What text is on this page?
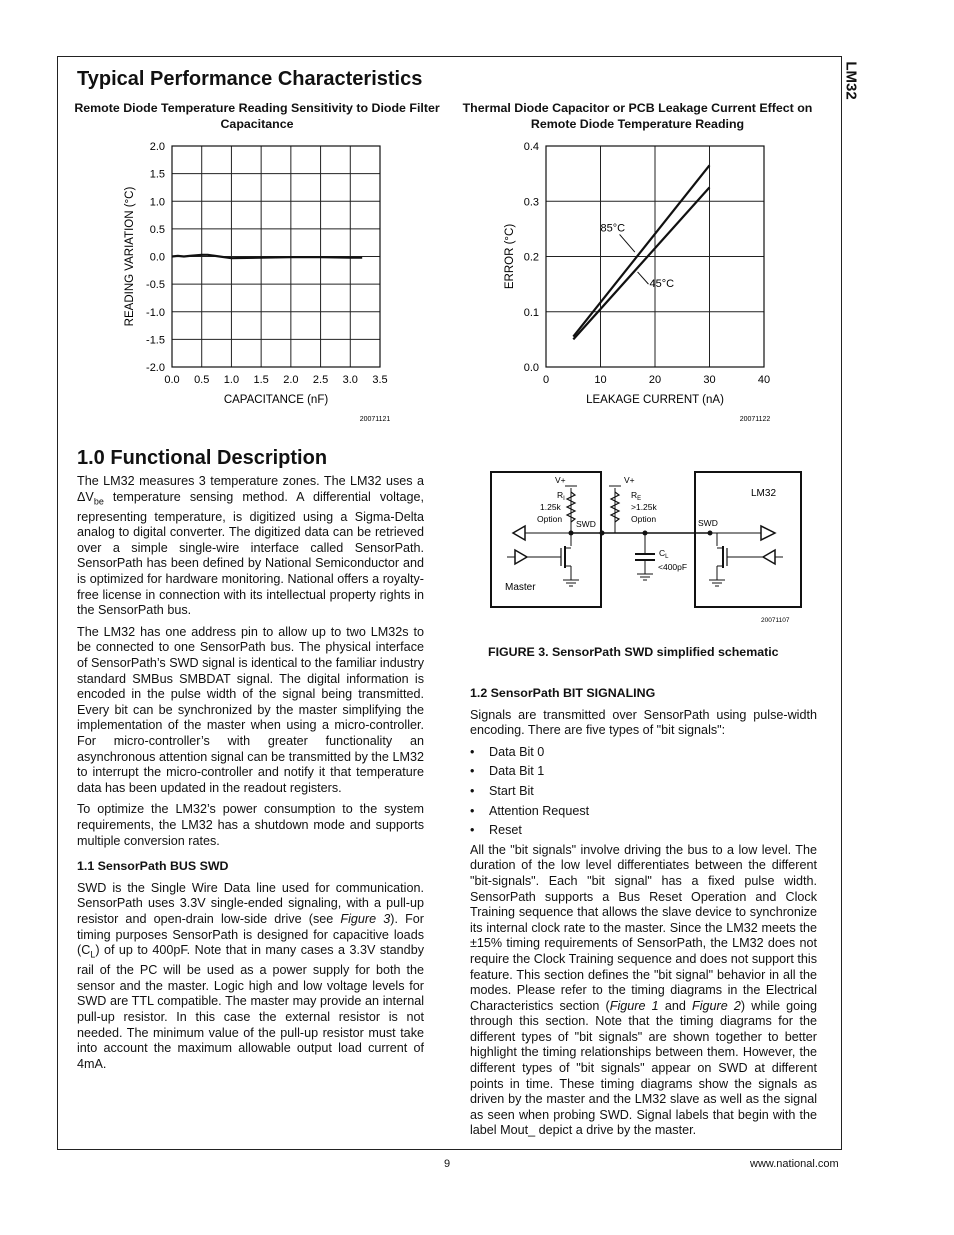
LM32
Typical Performance Characteristics
Remote Diode Temperature Reading Sensitivity to Diode Filter Capacitance
0.0 0.5 1.0 1.5 2.0 2.5 3.0 3.5
2.0
1.5
1.0
0.5
0.0
-0.5
-1.0
-1.5
-2.0
CAPACITANCE (nF)
READING VARIATION (°C)
20071121
Thermal Diode Capacitor or PCB Leakage Current Effect on Remote Diode Temperature Reading
0	10	20	30	40
0.4
0.3
0.2
0.1
0.0
LEAKAGE CURRENT (nA)
ERROR (°C)
20071122
85°C
45°C
1.0 Functional Description

The LM32 measures 3 temperature zones. The LM32 uses a $\Delta V_{be}$ temperature sensing method. A differential voltage, representing temperature, is digitized using a Sigma-Delta analog to digital converter. The digitized data can be retrieved over a simple single-wire interface called SensorPath. SensorPath has been defined by National Semiconductor and is optimized for hardware monitoring. National offers a royalty-free license in connection with its intellectual property rights in the SensorPath bus.

The LM32 has one address pin to allow up to two LM32s to be connected to one SensorPath bus. The physical interface of SensorPath’s SWD signal is identical to the familiar industry standard SMBus SMBDAT signal. The digital information is encoded in the pulse width of the signal being transmitted. Every bit can be synchronized by the master simplifying the implementation of the master when using a micro-controller. For micro-controller’s with greater functionality an asynchronous attention signal can be transmitted by the LM32 to interrupt the micro-controller and notify it that temperature data has been updated in the readout registers.

To optimize the LM32’s power consumption to the system requirements, the LM32 has a shutdown mode and supports multiple conversion rates.

1.1 SensorPath BUS SWD

SWD is the Single Wire Data line used for communication. SensorPath uses 3.3V single-ended signaling, with a pull-up resistor and open-drain low-side drive (see Figure 3). For timing purposes SensorPath is designed for capacitive loads $(C_L)$ of up to 400pF. Note that in many cases a 3.3V standby rail of the PC will be used as a power supply for both the sensor and the master. Logic high and low voltage levels for SWD are TTL compatible. The master may provide an internal pull-up resistor. In this case the external resistor is not needed. The minimum value of the pull-up resistor must take into account the maximum allowable output load current of 4mA.

V+
$R_I$
1.25k
Option
V+
$R_E$
>1.25k
Option
SWD	SWD
$C_L$
<400pF
Master
LM32
20071107
FIGURE 3. SensorPath SWD simplified schematic

1.2 SensorPath BIT SIGNALING

Signals are transmitted over SensorPath using pulse-width encoding. There are five types of "bit signals":

• Data Bit 0
• Data Bit 1
• Start Bit
• Attention Request
• Reset

All the "bit signals" involve driving the bus to a low level. The duration of the low level differentiates between the different "bit-signals". Each "bit signal" has a fixed pulse width. SensorPath supports a Bus Reset Operation and Clock Training sequence that allows the slave device to synchronize its internal clock rate to the master. Since the LM32 meets the ±15% timing requirements of SensorPath, the LM32 does not require the Clock Training sequence and does not support this feature. This section defines the "bit signal" behavior in all the modes. Please refer to the timing diagrams in the Electrical Characteristics section (Figure 1 and Figure 2) while going through this section. Note that the timing diagrams for the different types of "bit signals" are shown together to better highlight the timing relationships between them. However, the different types of "bit signals" appear on SWD at different points in time. These timing diagrams show the signals as driven by the master and the LM32 slave as well as the signal as seen when probing SWD. Signal labels that begin with the label Mout_ depict a drive by the master.

9	www.national.com
